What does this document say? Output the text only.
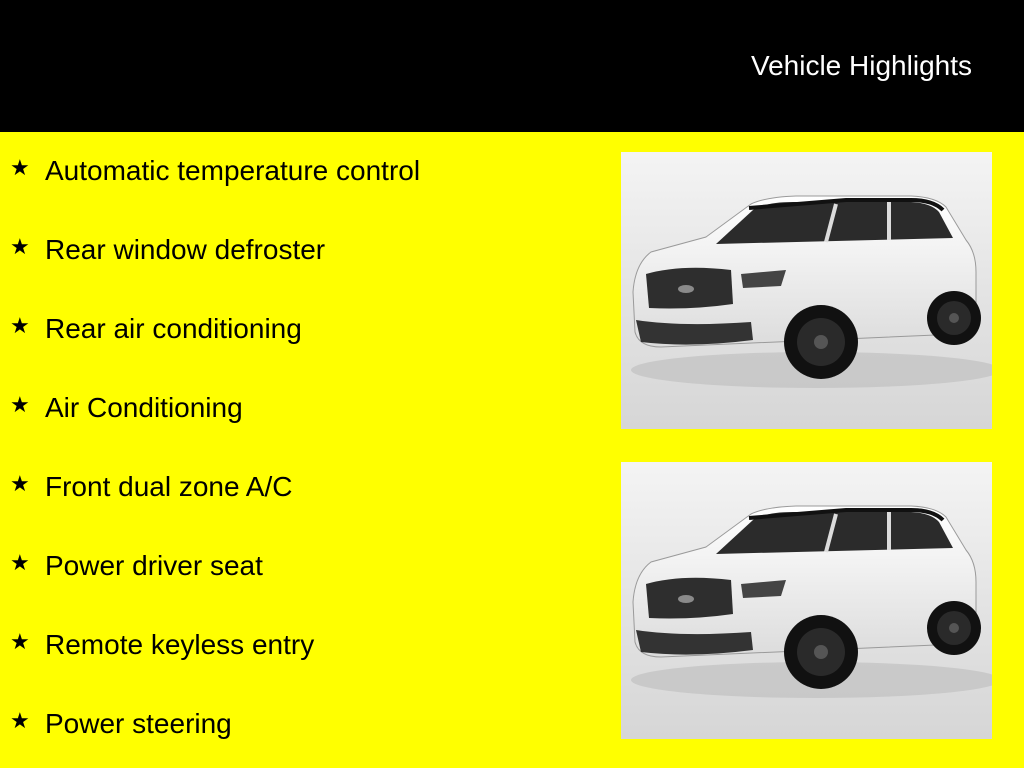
Vehicle Highlights
★ Automatic temperature control
★ Rear window defroster
★ Rear air conditioning
★ Air Conditioning
★ Front dual zone A/C
★ Power driver seat
★ Remote keyless entry
★ Power steering
